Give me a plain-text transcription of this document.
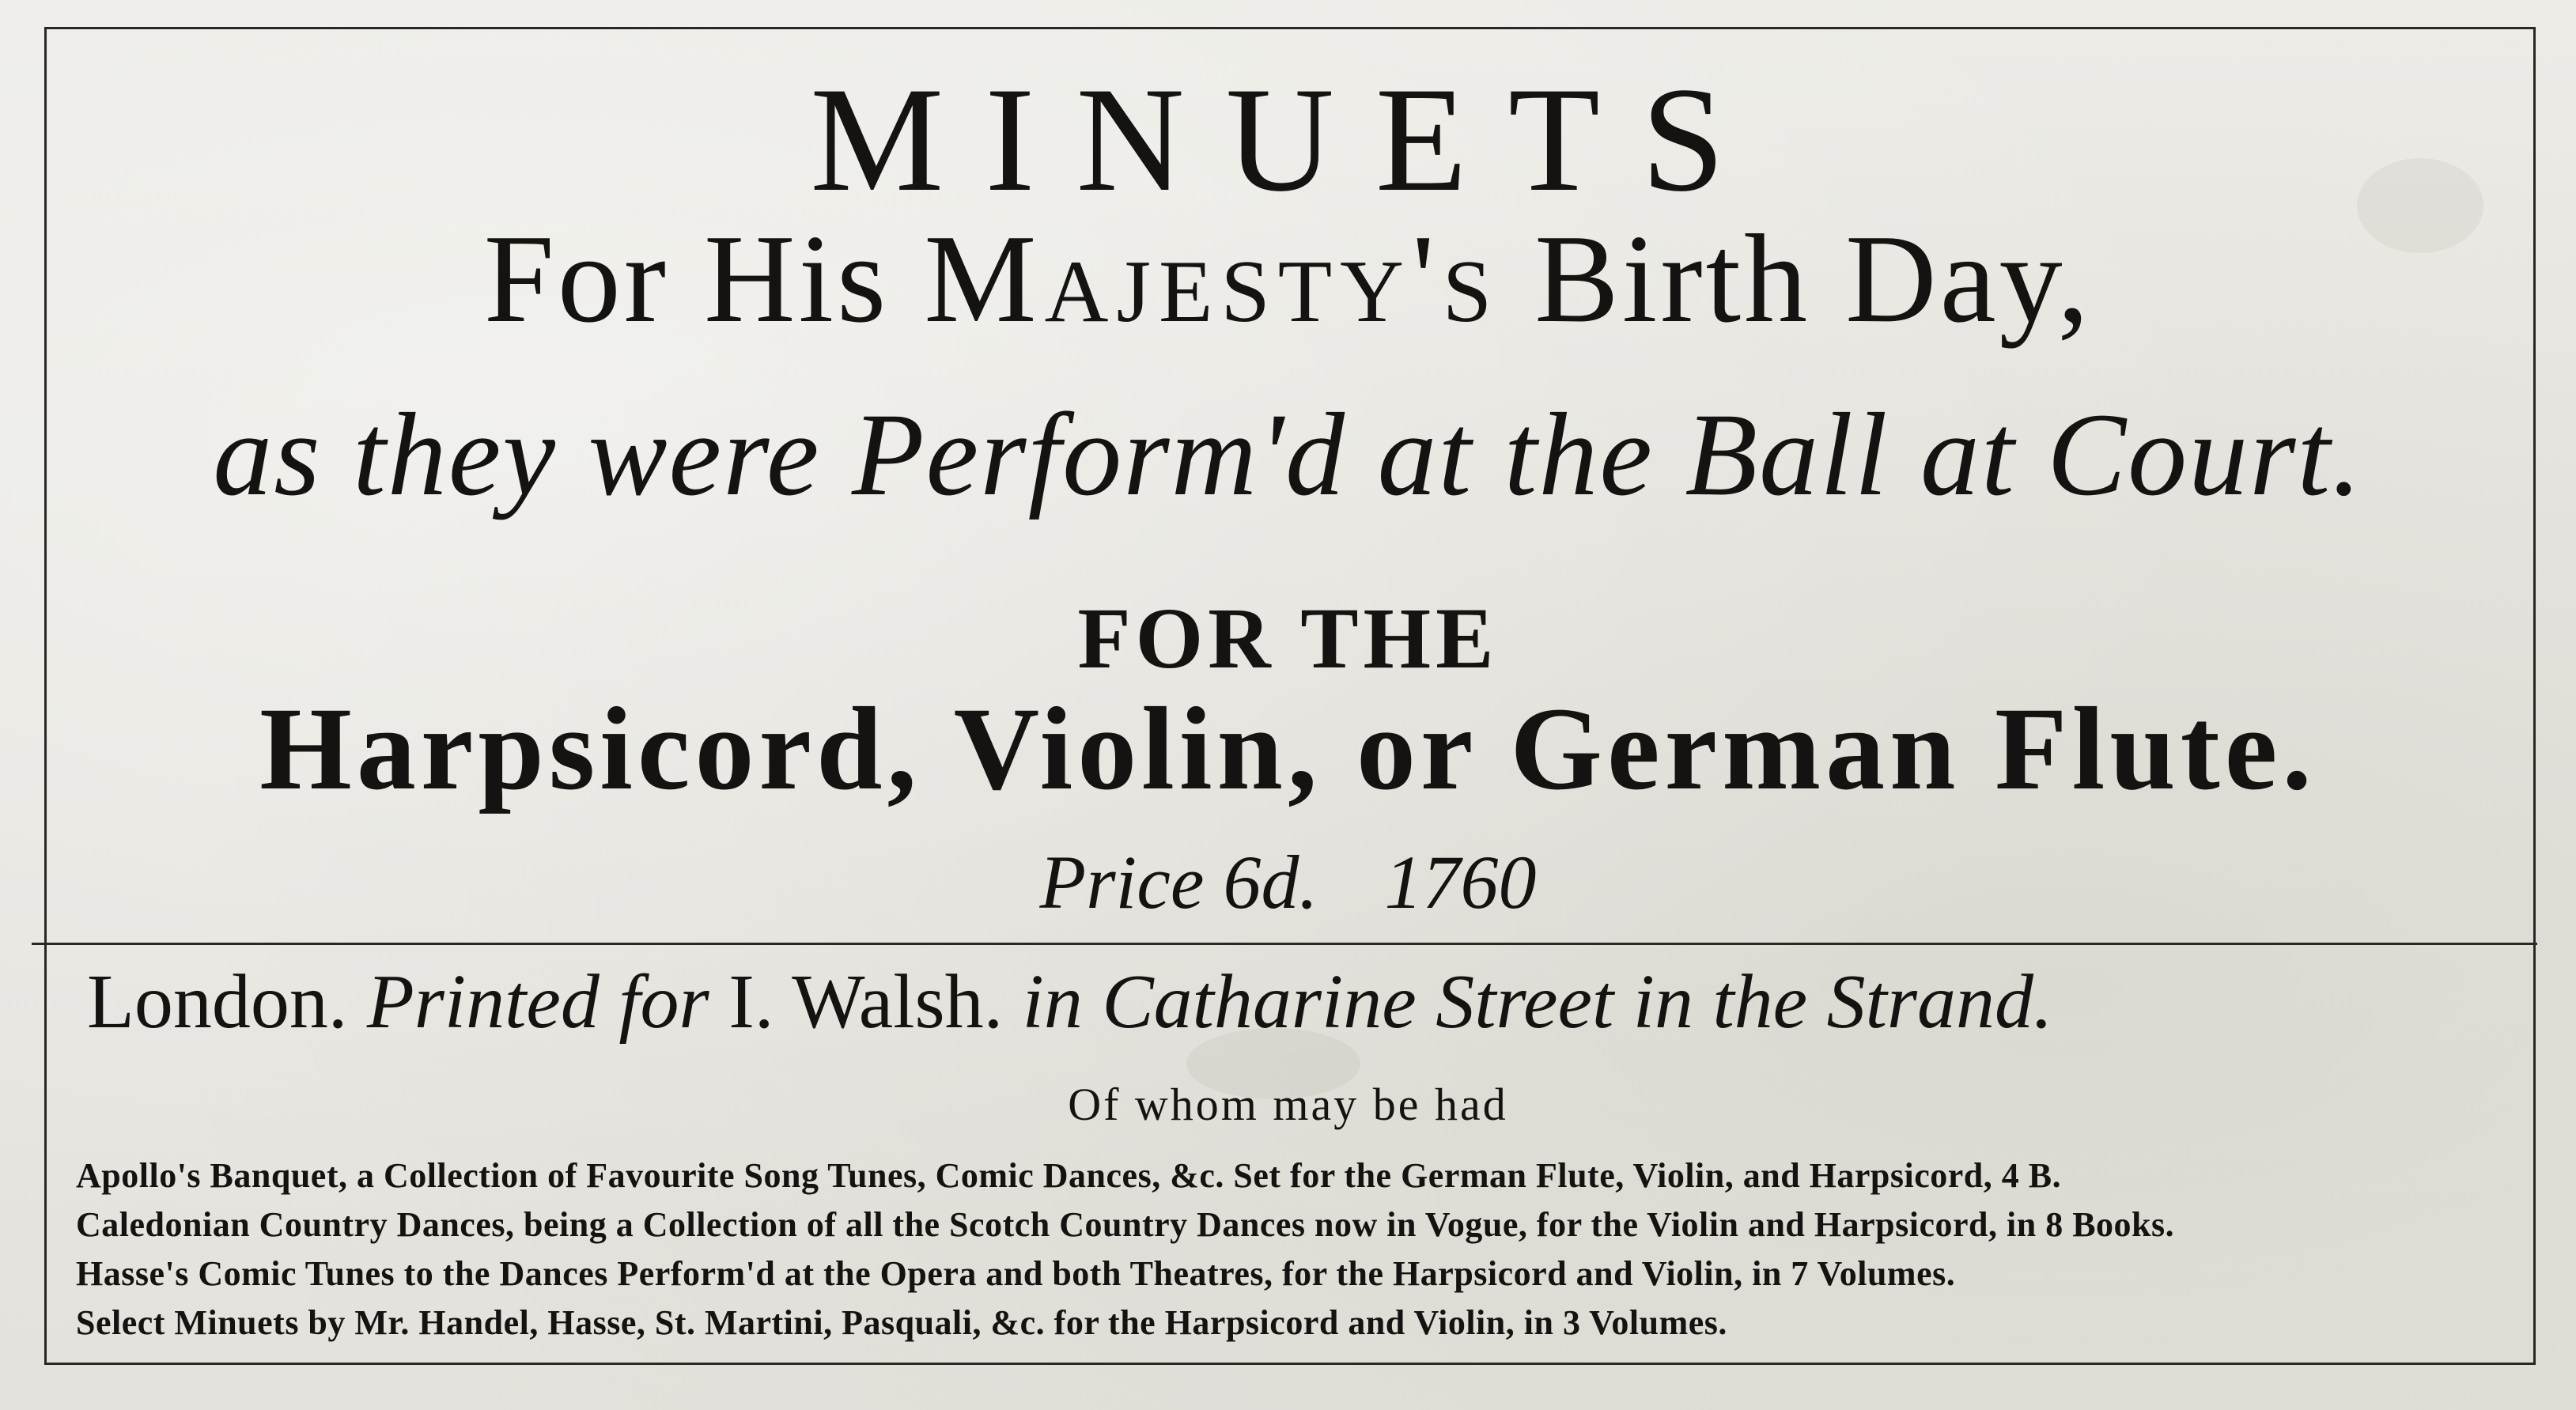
MINUETS
For His Majesty's Birth Day,
as they were Perform'd at the Ball at Court.
FOR THE
Harpsicord, Violin, or German Flute.
Price 6d. 1760
London. Printed for I. Walsh. in Catharine Street in the Strand.
Of whom may be had
Apollo's Banquet, a Collection of Favourite Song Tunes, Comic Dances, &c. Set for the German Flute, Violin, and Harpsicord, 4 B.
Caledonian Country Dances, being a Collection of all the Scotch Country Dances now in Vogue, for the Violin and Harpsicord, in 8 Books.
Hasse's Comic Tunes to the Dances Perform'd at the Opera and both Theatres, for the Harpsicord and Violin, in 7 Volumes.
Select Minuets by Mr. Handel, Hasse, St. Martini, Pasquali, &c. for the Harpsicord and Violin, in 3 Volumes.
